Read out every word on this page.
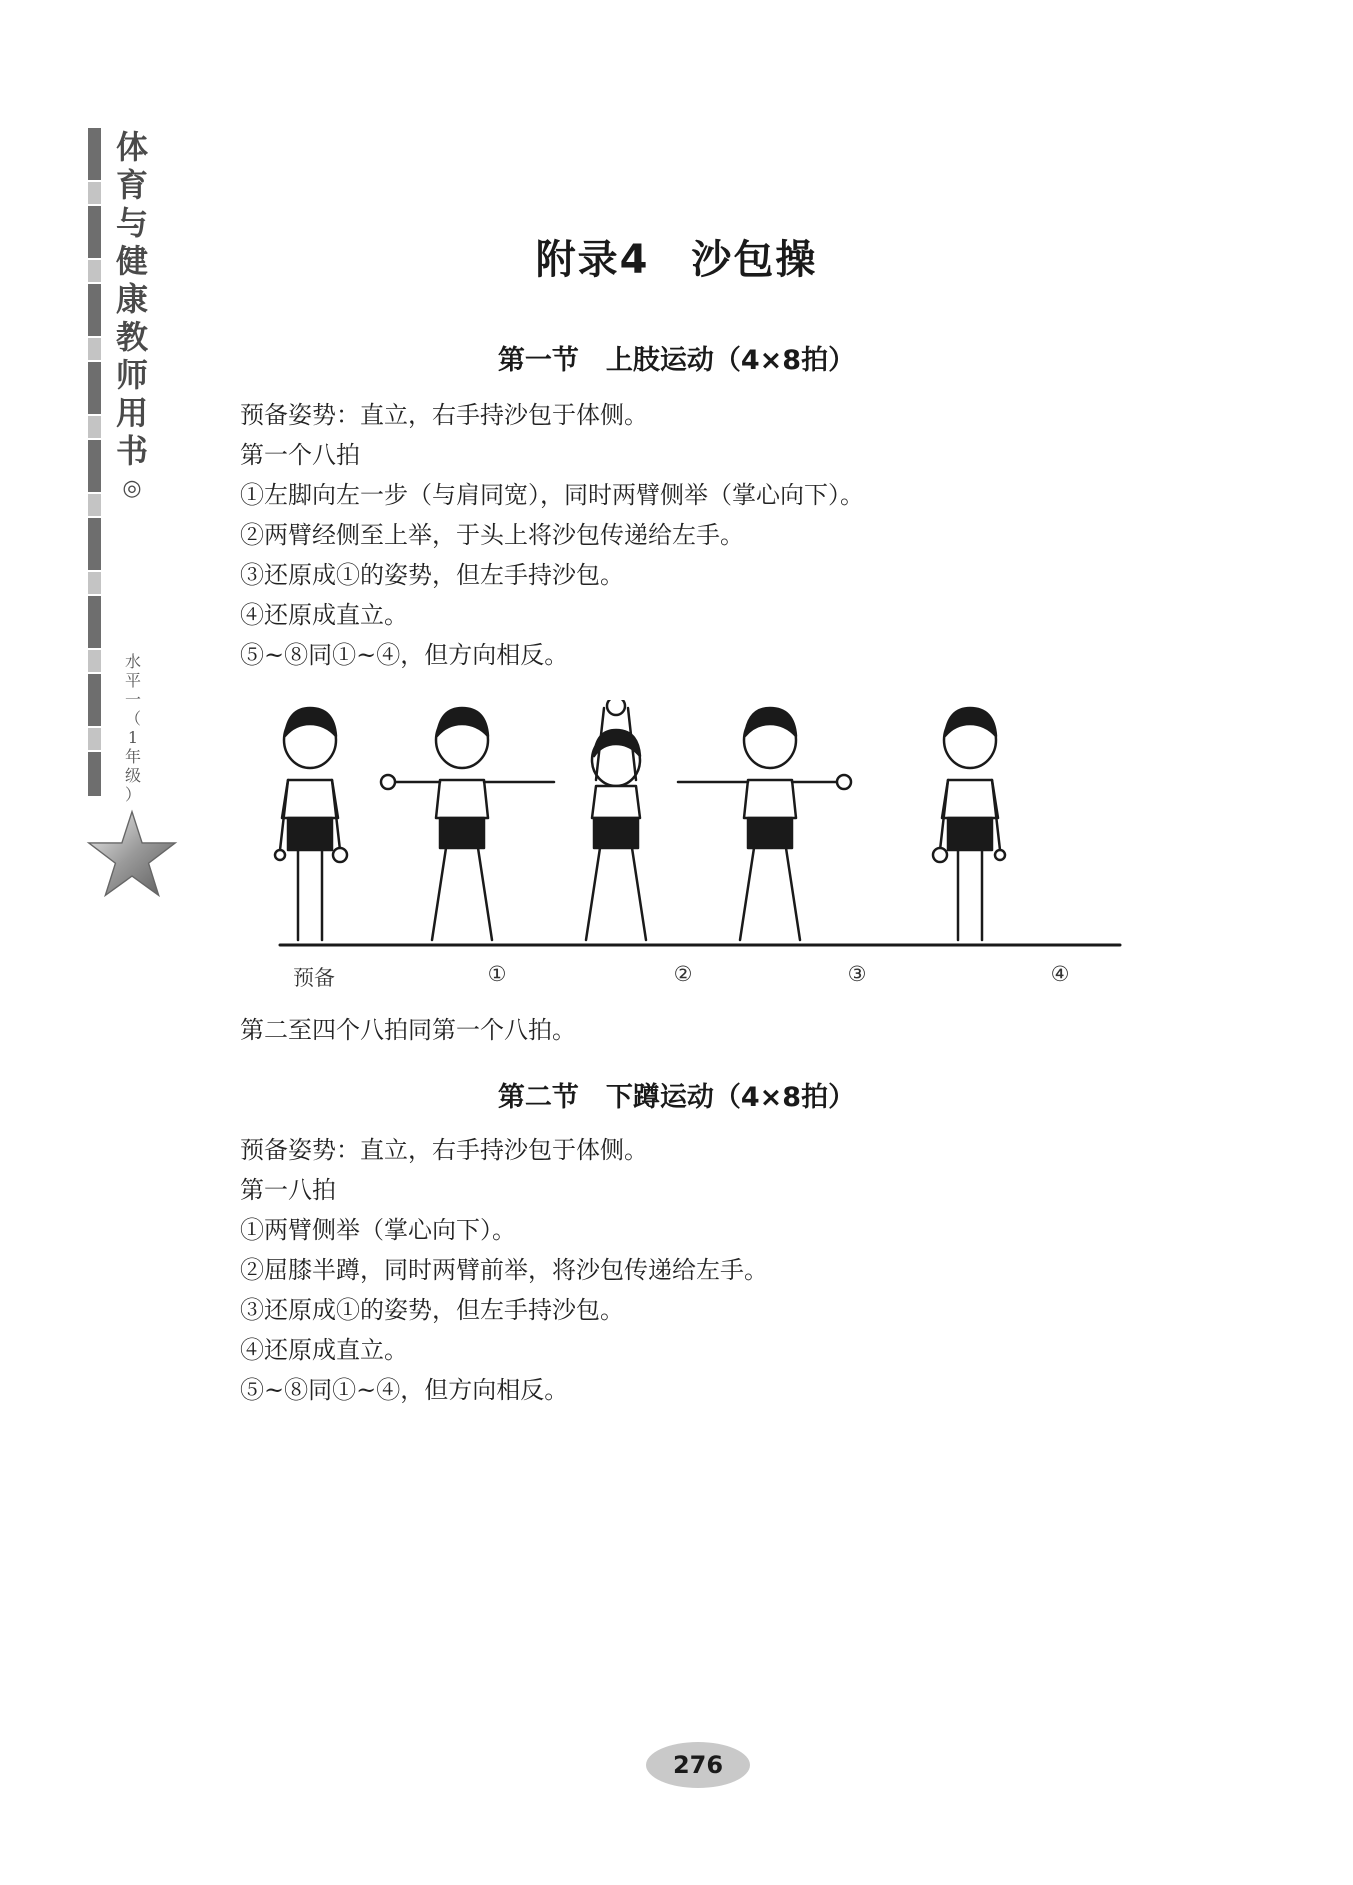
体
育
与
健
康
教
师
用
书
◎
水
平
一
（
1
年
级
）
附录4　沙包操
第一节　上肢运动（4×8拍）
预备姿势：直立，右手持沙包于体侧。
第一个八拍
①左脚向左一步（与肩同宽），同时两臂侧举（掌心向下）。
②两臂经侧至上举，于头上将沙包传递给左手。
③还原成①的姿势，但左手持沙包。
④还原成直立。
⑤~⑧同①~④，但方向相反。
预备	①	②	③	④
第二至四个八拍同第一个八拍。
第二节　下蹲运动（4×8拍）
预备姿势：直立，右手持沙包于体侧。
第一八拍
①两臂侧举（掌心向下）。
②屈膝半蹲，同时两臂前举，将沙包传递给左手。
③还原成①的姿势，但左手持沙包。
④还原成直立。
⑤~⑧同①~④，但方向相反。
276
